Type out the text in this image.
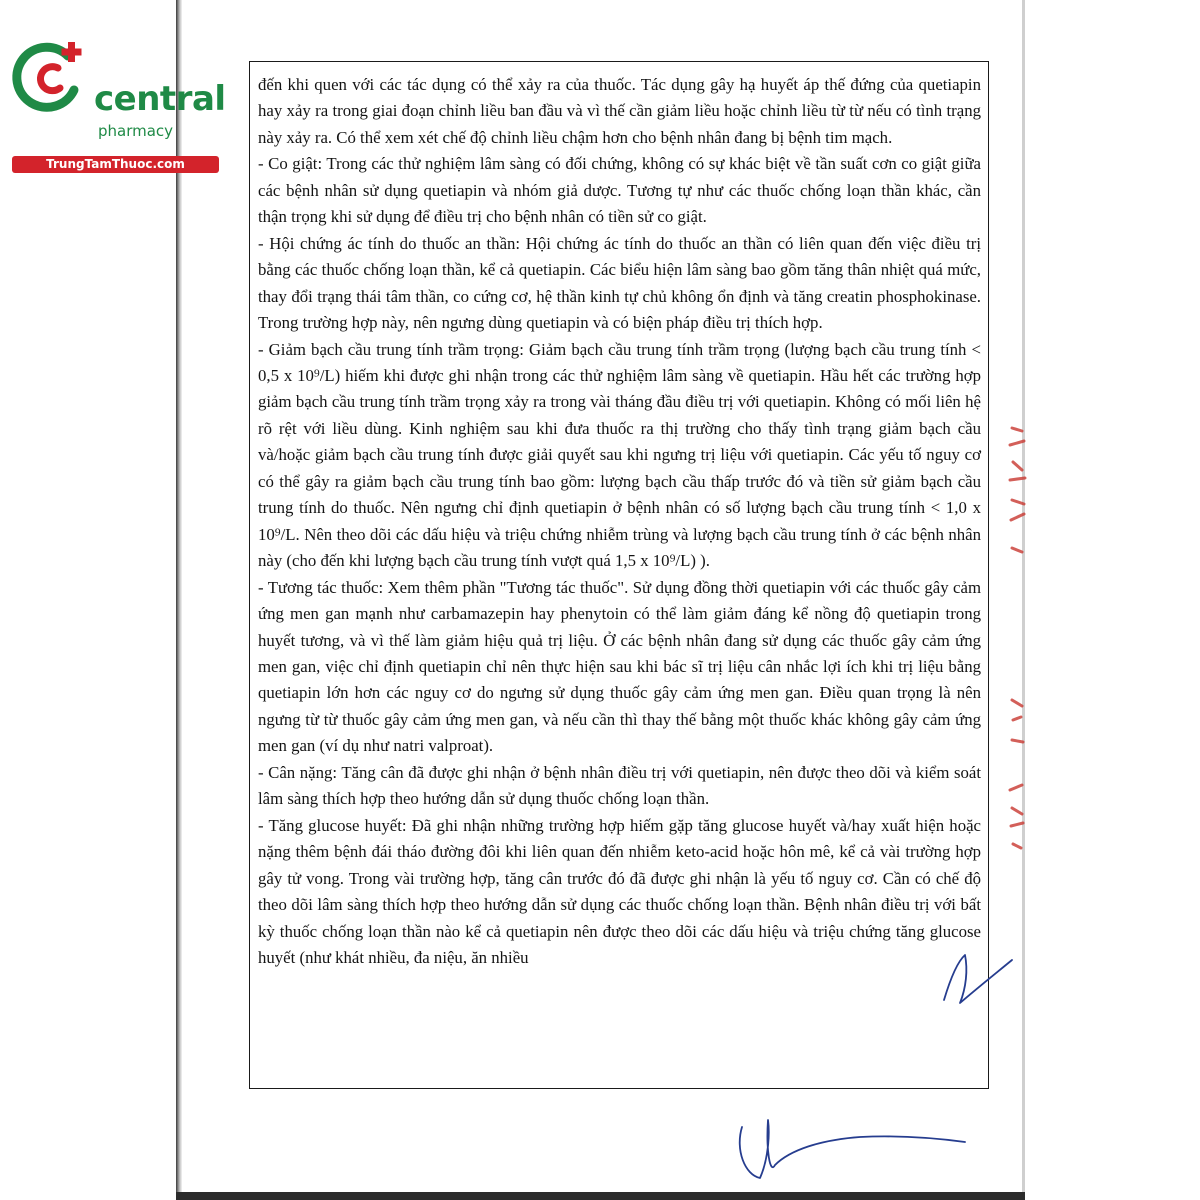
central

pharmacy

TrungTamThuoc.com

đến khi quen với các tác dụng có thể xảy ra của thuốc. Tác dụng gây hạ huyết áp thế đứng của quetiapin hay xảy ra trong giai đoạn chỉnh liều ban đầu và vì thế cần giảm liều hoặc chỉnh liều từ từ nếu có tình trạng này xảy ra. Có thể xem xét chế độ chỉnh liều chậm hơn cho bệnh nhân đang bị bệnh tim mạch.

- Co giật: Trong các thử nghiệm lâm sàng có đối chứng, không có sự khác biệt về tần suất cơn co giật giữa các bệnh nhân sử dụng quetiapin và nhóm giả dược. Tương tự như các thuốc chống loạn thần khác, cần thận trọng khi sử dụng để điều trị cho bệnh nhân có tiền sử co giật.

- Hội chứng ác tính do thuốc an thần: Hội chứng ác tính do thuốc an thần có liên quan đến việc điều trị bằng các thuốc chống loạn thần, kể cả quetiapin. Các biểu hiện lâm sàng bao gồm tăng thân nhiệt quá mức, thay đổi trạng thái tâm thần, co cứng cơ, hệ thần kinh tự chủ không ổn định và tăng creatin phosphokinase. Trong trường hợp này, nên ngưng dùng quetiapin và có biện pháp điều trị thích hợp.

- Giảm bạch cầu trung tính trầm trọng: Giảm bạch cầu trung tính trầm trọng (lượng bạch cầu trung tính < 0,5 x 10⁹/L) hiếm khi được ghi nhận trong các thử nghiệm lâm sàng về quetiapin. Hầu hết các trường hợp giảm bạch cầu trung tính trầm trọng xảy ra trong vài tháng đầu điều trị với quetiapin. Không có mối liên hệ rõ rệt với liều dùng. Kinh nghiệm sau khi đưa thuốc ra thị trường cho thấy tình trạng giảm bạch cầu và/hoặc giảm bạch cầu trung tính được giải quyết sau khi ngưng trị liệu với quetiapin. Các yếu tố nguy cơ có thể gây ra giảm bạch cầu trung tính bao gồm: lượng bạch cầu thấp trước đó và tiền sử giảm bạch cầu trung tính do thuốc. Nên ngưng chỉ định quetiapin ở bệnh nhân có số lượng bạch cầu trung tính < 1,0 x 10⁹/L. Nên theo dõi các dấu hiệu và triệu chứng nhiễm trùng và lượng bạch cầu trung tính ở các bệnh nhân này (cho đến khi lượng bạch cầu trung tính vượt quá 1,5 x 10⁹/L) ).

- Tương tác thuốc: Xem thêm phần "Tương tác thuốc". Sử dụng đồng thời quetiapin với các thuốc gây cảm ứng men gan mạnh như carbamazepin hay phenytoin có thể làm giảm đáng kể nồng độ quetiapin trong huyết tương, và vì thế làm giảm hiệu quả trị liệu. Ở các bệnh nhân đang sử dụng các thuốc gây cảm ứng men gan, việc chỉ định quetiapin chỉ nên thực hiện sau khi bác sĩ trị liệu cân nhắc lợi ích khi trị liệu bằng quetiapin lớn hơn các nguy cơ do ngưng sử dụng thuốc gây cảm ứng men gan. Điều quan trọng là nên ngưng từ từ thuốc gây cảm ứng men gan, và nếu cần thì thay thế bằng một thuốc khác không gây cảm ứng men gan (ví dụ như natri valproat).

- Cân nặng: Tăng cân đã được ghi nhận ở bệnh nhân điều trị với quetiapin, nên được theo dõi và kiểm soát lâm sàng thích hợp theo hướng dẫn sử dụng thuốc chống loạn thần.

- Tăng glucose huyết: Đã ghi nhận những trường hợp hiếm gặp tăng glucose huyết và/hay xuất hiện hoặc nặng thêm bệnh đái tháo đường đôi khi liên quan đến nhiễm keto-acid hoặc hôn mê, kể cả vài trường hợp gây tử vong. Trong vài trường hợp, tăng cân trước đó đã được ghi nhận là yếu tố nguy cơ. Cần có chế độ theo dõi lâm sàng thích hợp theo hướng dẫn sử dụng các thuốc chống loạn thần. Bệnh nhân điều trị với bất kỳ thuốc chống loạn thần nào kể cả quetiapin nên được theo dõi các dấu hiệu và triệu chứng tăng glucose huyết (như khát nhiều, đa niệu, ăn nhiều
